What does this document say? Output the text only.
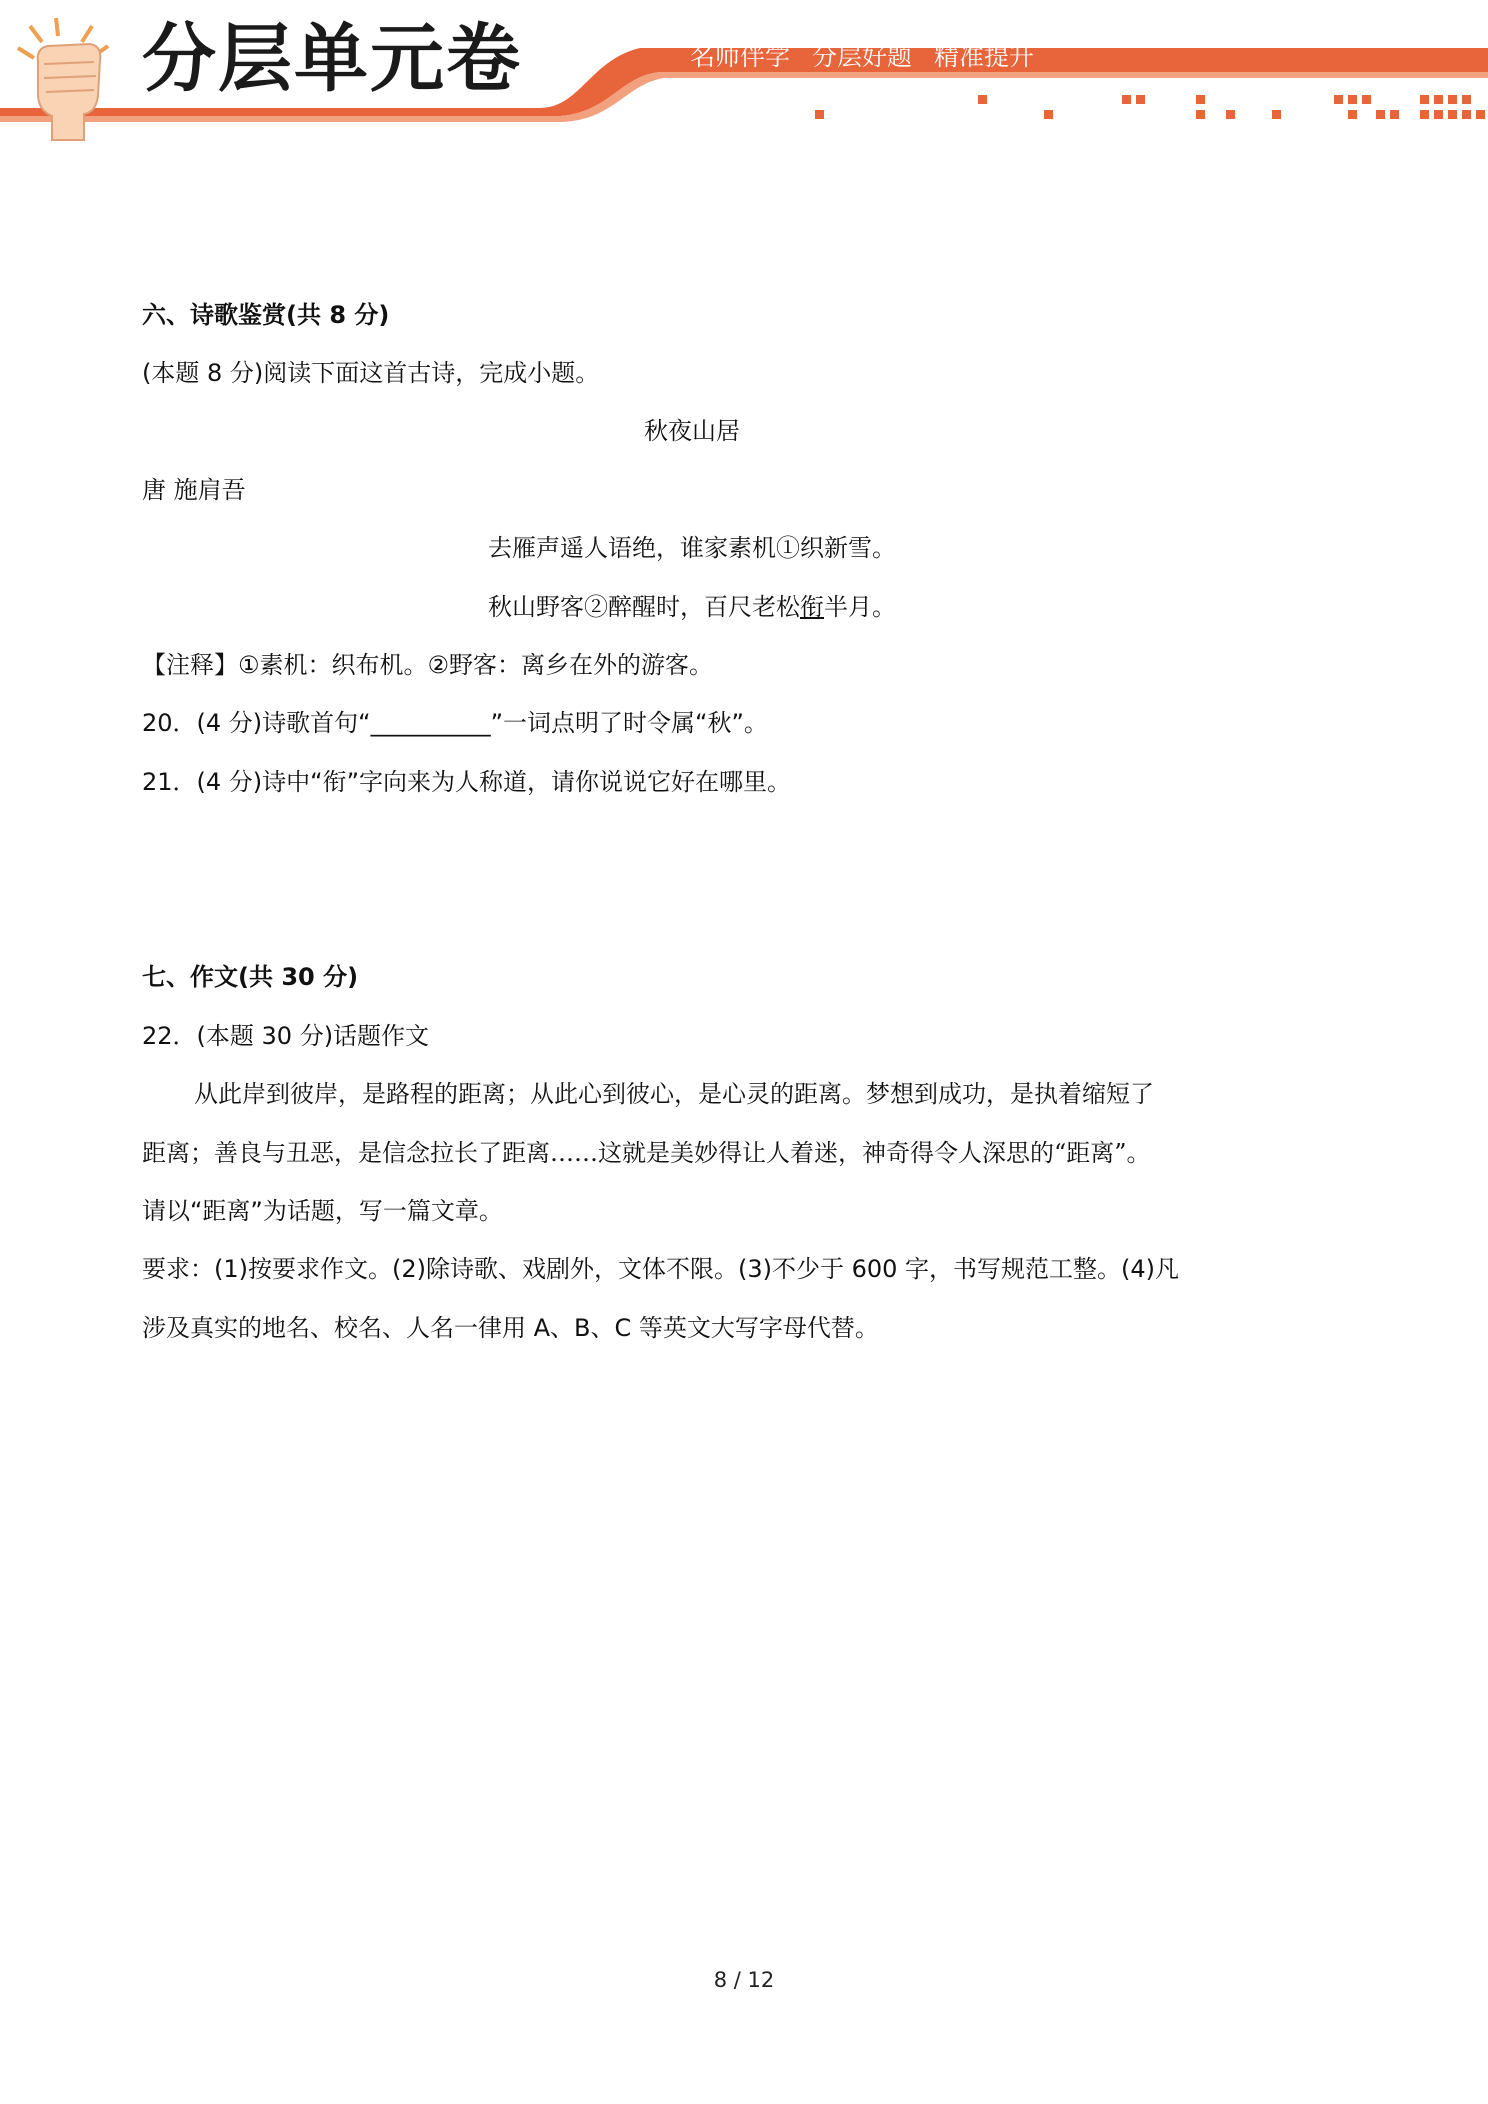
分层单元卷	名师伴学 分层好题 精准提升
六、诗歌鉴赏(共 8 分)
(本题 8 分)阅读下面这首古诗，完成小题。
秋夜山居
唐 施肩吾
去雁声遥人语绝，谁家素机①织新雪。
秋山野客②醉醒时，百尺老松衔半月。
【注释】①素机：织布机。②野客：离乡在外的游客。
20．(4 分)诗歌首句“__________”一词点明了时令属“秋”。
21．(4 分)诗中“衔”字向来为人称道，请你说说它好在哪里。
七、作文(共 30 分)
22．(本题 30 分)话题作文
从此岸到彼岸，是路程的距离；从此心到彼心，是心灵的距离。梦想到成功，是执着缩短了
距离；善良与丑恶，是信念拉长了距离……这就是美妙得让人着迷，神奇得令人深思的“距离”。
请以“距离”为话题，写一篇文章。
要求：(1)按要求作文。(2)除诗歌、戏剧外，文体不限。(3)不少于 600 字，书写规范工整。(4)凡
涉及真实的地名、校名、人名一律用 A、B、C 等英文大写字母代替。
8 / 12
